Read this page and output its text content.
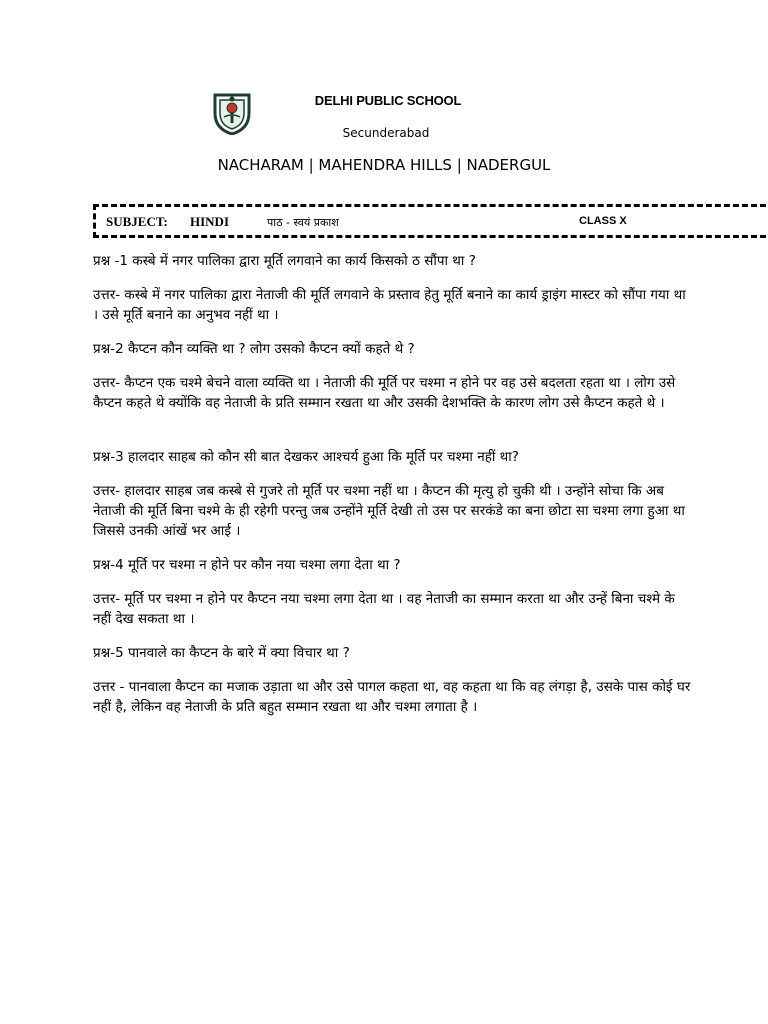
DELHI PUBLIC SCHOOL
Secunderabad
NACHARAM | MAHENDRA HILLS | NADERGUL
SUBJECT: HINDI	पाठ - स्वयं प्रकाश	CLASS X

प्रश्न -1 कस्बे में नगर पालिका द्वारा मूर्ति लगवाने का कार्य किसको ठ सौंपा था ?

उत्तर- कस्बे में नगर पालिका द्वारा नेताजी की मूर्ति लगवाने के प्रस्ताव हेतु मूर्ति बनाने का कार्य ड्राइंग मास्टर को सौंपा गया था । उसे मूर्ति बनाने का अनुभव नहीं था ।

प्रश्न-2 कैप्टन कौन व्यक्ति था ? लोग उसको कैप्टन क्यों कहते थे ?

उत्तर- कैप्टन एक चश्मे बेचने वाला व्यक्ति था । नेताजी की मूर्ति पर चश्मा न होने पर वह उसे बदलता रहता था । लोग उसे कैप्टन कहते थे क्योंकि वह नेताजी के प्रति सम्मान रखता था और उसकी देशभक्ति के कारण लोग उसे कैप्टन कहते थे ।

प्रश्न-3 हालदार साहब को कौन सी बात देखकर आश्चर्य हुआ कि मूर्ति पर चश्मा नहीं था?

उत्तर- हालदार साहब जब कस्बे से गुजरे तो मूर्ति पर चश्मा नहीं था । कैप्टन की मृत्यु हो चुकी थी । उन्होंने सोचा कि अब नेताजी की मूर्ति बिना चश्मे के ही रहेगी परन्तु जब उन्होंने मूर्ति देखी तो उस पर सरकंडे का बना छोटा सा चश्मा लगा हुआ था जिससे उनकी आंखें भर आई ।

प्रश्न-4 मूर्ति पर चश्मा न होने पर कौन नया चश्मा लगा देता था ?

उत्तर- मूर्ति पर चश्मा न होने पर कैप्टन नया चश्मा लगा देता था । वह नेताजी का सम्मान करता था और उन्हें बिना चश्मे के नहीं देख सकता था ।

प्रश्न-5 पानवाले का कैप्टन के बारे में क्या विचार था ?

उत्तर - पानवाला कैप्टन का मजाक उड़ाता था और उसे पागल कहता था, वह कहता था कि वह लंगड़ा है, उसके पास कोई घर नहीं है, लेकिन वह नेताजी के प्रति बहुत सम्मान रखता था और चश्मा लगाता है ।
